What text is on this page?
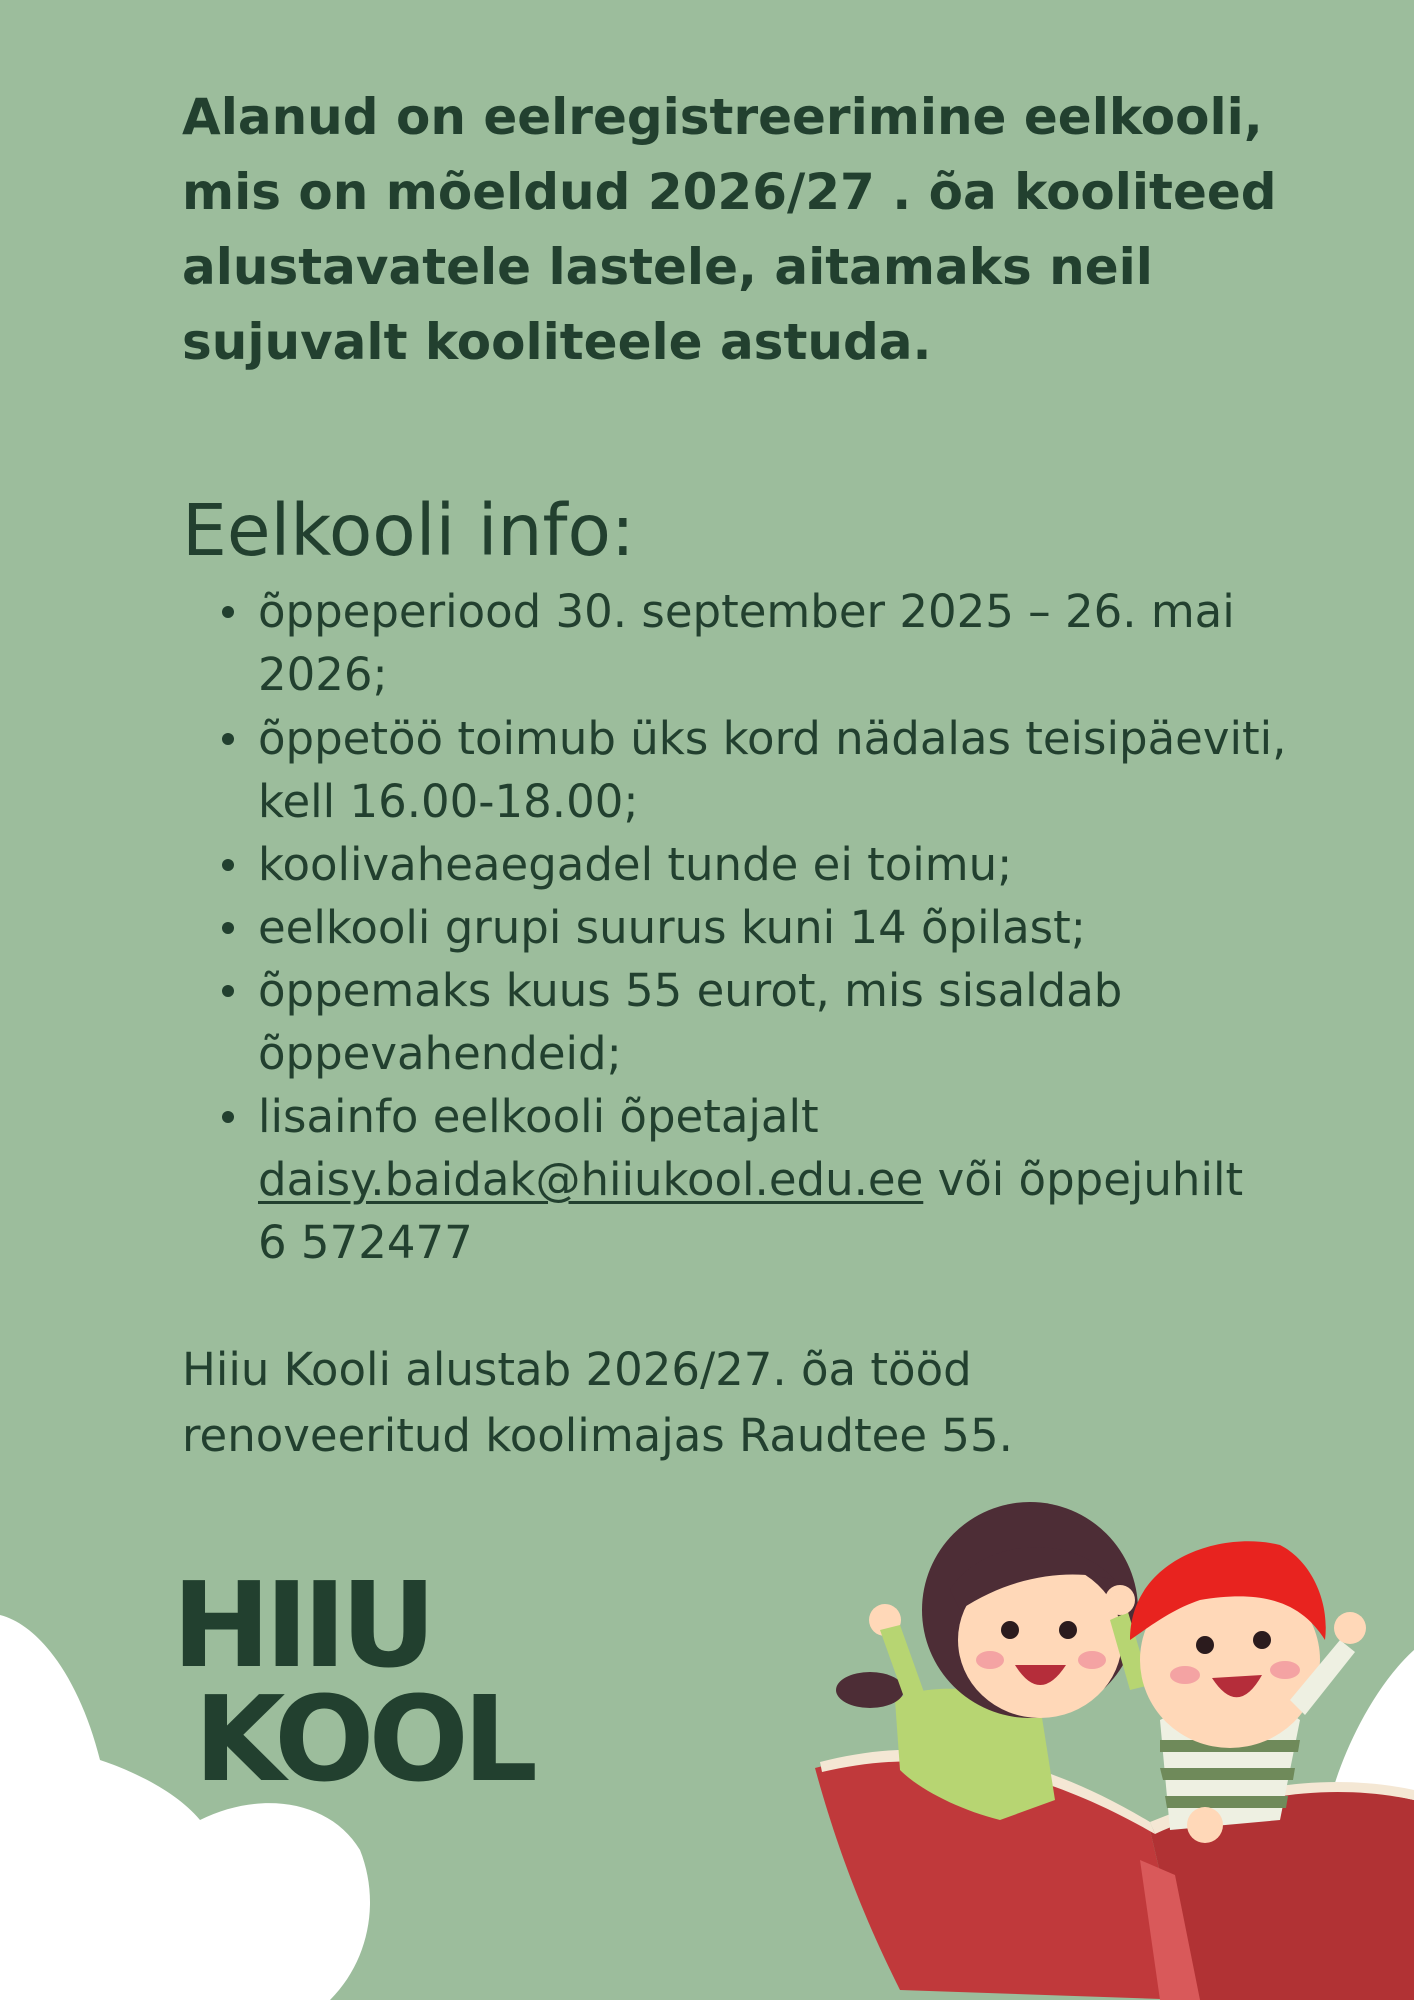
Alanud on eelregistreerimine eelkooli,
mis on mõeldud 2026/27 . õa kooliteed
alustavatele lastele, aitamaks neil
sujuvalt kooliteele astuda.
Eelkooli info:
õppeperiood 30. september 2025 – 26. mai
2026;
õppetöö toimub üks kord nädalas teisipäeviti,
kell 16.00-18.00;
koolivaheaegadel tunde ei toimu;
eelkooli grupi suurus kuni 14 õpilast;
õppemaks kuus 55 eurot, mis sisaldab
õppevahendeid;
lisainfo eelkooli õpetajalt
daisy.baidak@hiiukool.edu.ee või õppejuhilt
6 572477
Hiiu Kooli alustab 2026/27. õa tööd
renoveeritud koolimajas Raudtee 55.
HIIU
KOOL
